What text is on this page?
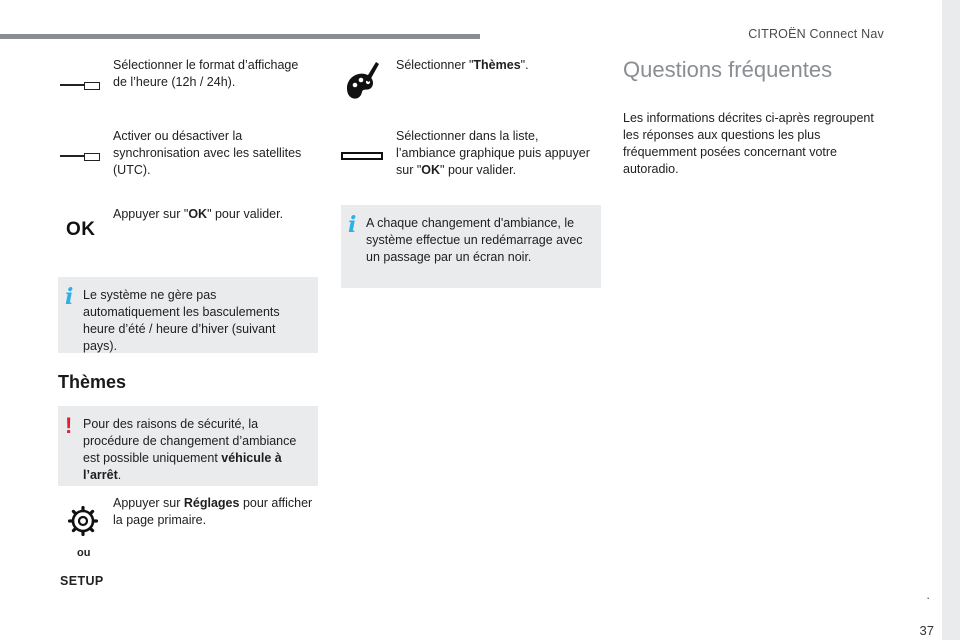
CITROËN Connect Nav
.
37
Sélectionner le format d’affichage de l’heure (12h / 24h).
Activer ou désactiver la synchronisation avec les satellites (UTC).
OK
Appuyer sur "OK" pour valider.
i Le système ne gère pas automatiquement les basculements heure d’été / heure d’hiver (suivant pays).
Thèmes
! Pour des raisons de sécurité, la procédure de changement d’ambiance est possible uniquement véhicule à l’arrêt.
Appuyer sur Réglages pour afficher la page primaire.
ou
SETUP
Sélectionner "Thèmes".
Sélectionner dans la liste, l’ambiance graphique puis appuyer sur "OK" pour valider.
i A chaque changement d'ambiance, le système effectue un redémarrage avec un passage par un écran noir.
Questions fréquentes
Les informations décrites ci-après regroupent les réponses aux questions les plus fréquemment posées concernant votre autoradio.
